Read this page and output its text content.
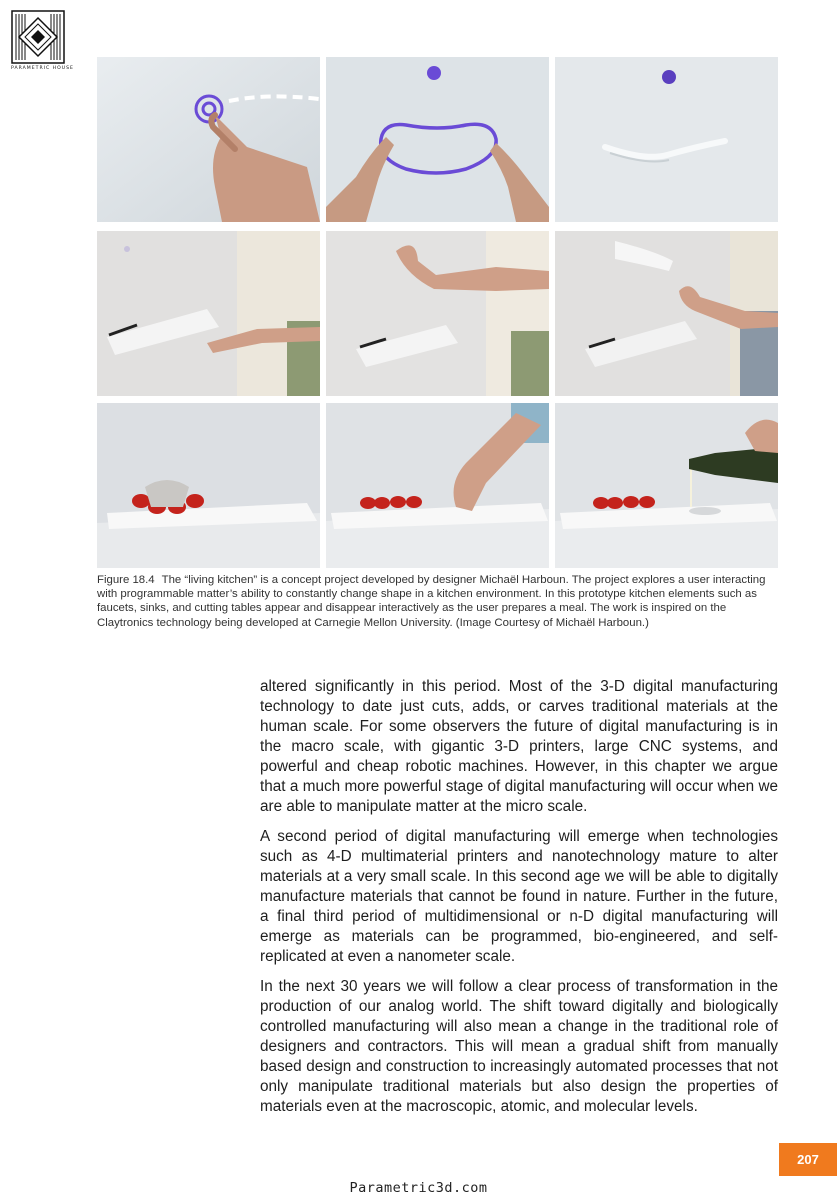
PARAMETRIC HOUSE
Figure 18.4 The “living kitchen” is a concept project developed by designer Michaël Harboun. The project explores a user interacting with programmable matter’s ability to constantly change shape in a kitchen environment. In this prototype kitchen elements such as faucets, sinks, and cutting tables appear and disappear interactively as the user prepares a meal. The work is inspired on the Claytronics technology being developed at Carnegie Mellon University. (Image Courtesy of Michaël Harboun.)

altered significantly in this period. Most of the 3-D digital manufacturing technology to date just cuts, adds, or carves traditional materials at the human scale. For some observers the future of digital manufacturing is in the macro scale, with gigantic 3-D printers, large CNC systems, and powerful and cheap robotic machines. However, in this chapter we argue that a much more powerful stage of digital manufacturing will occur when we are able to manipulate matter at the micro scale.

A second period of digital manufacturing will emerge when technologies such as 4-D multimaterial printers and nanotechnology mature to alter materials at a very small scale. In this second age we will be able to digitally manufacture materials that cannot be found in nature. Further in the future, a final third period of multidimensional or n-D digital manufacturing will emerge as materials can be programmed, bio-engineered, and self-replicated at even a nanometer scale.

In the next 30 years we will follow a clear process of transformation in the production of our analog world. The shift toward digitally and biologically controlled manufacturing will also mean a change in the traditional role of designers and contractors. This will mean a gradual shift from manually based design and construction to increasingly automated processes that not only manipulate traditional materials but also design the properties of materials even at the macroscopic, atomic, and molecular levels.

207
Parametric3d.com
